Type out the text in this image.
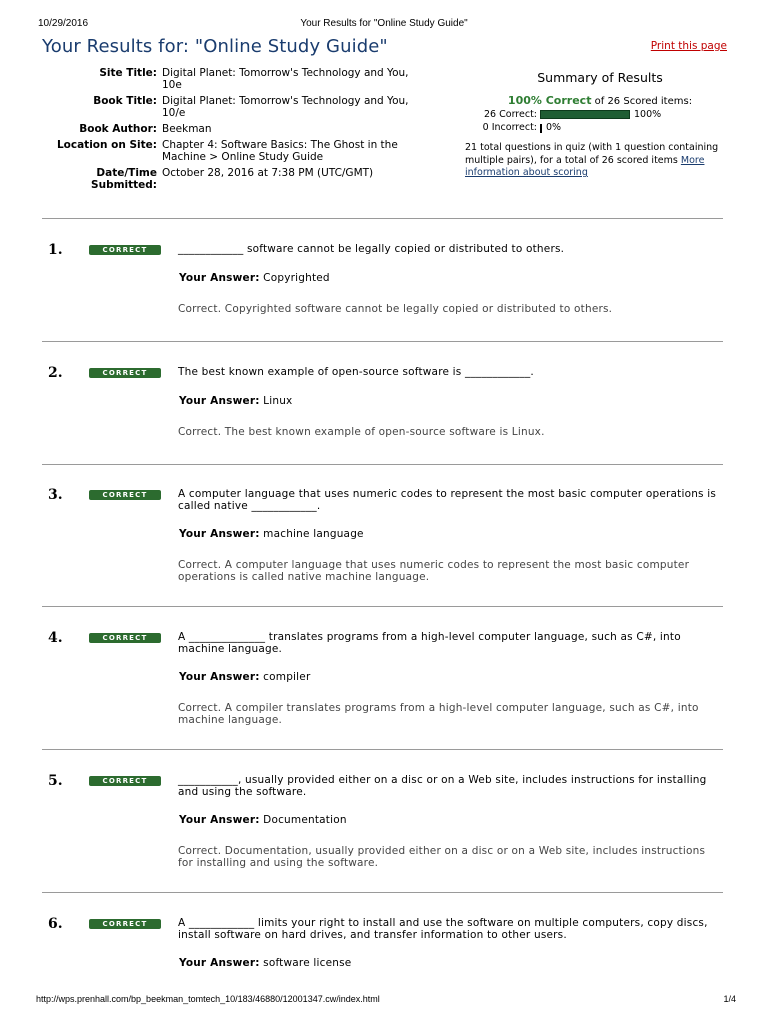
10/29/2016	Your Results for "Online Study Guide"
Your Results for: "Online Study Guide"	Print this page
Site Title: Digital Planet: Tomorrow's Technology and You,
10e
Book Title: Digital Planet: Tomorrow's Technology and You,
10/e
Book Author: Beekman
Location on Site: Chapter 4: Software Basics: The Ghost in the
Machine > Online Study Guide
Date/Time
Submitted:
October 28, 2016 at 7:38 PM (UTC/GMT)
Summary of Results
100% Correct of 26 Scored items:
26 Correct:	100%
0 Incorrect: 0%
21 total questions in quiz (with 1 question containing multiple pairs), for a total of 26 scored items More information about scoring
1.	CORRECT	____________ software cannot be legally copied or distributed to others.
Your Answer: Copyrighted
Correct. Copyrighted software cannot be legally copied or distributed to others.
2.	CORRECT	The best known example of open-source software is ____________.
Your Answer: Linux
Correct. The best known example of open-source software is Linux.
3.	CORRECT	A computer language that uses numeric codes to represent the most basic computer operations is called native ____________.
Your Answer: machine language
Correct. A computer language that uses numeric codes to represent the most basic computer operations is called native machine language.
4.	CORRECT	A ______________ translates programs from a high-level computer language, such as C#, into machine language.
Your Answer: compiler
Correct. A compiler translates programs from a high-level computer language, such as C#, into machine language.
5.	CORRECT	___________, usually provided either on a disc or on a Web site, includes instructions for installing and using the software.
Your Answer: Documentation
Correct. Documentation, usually provided either on a disc or on a Web site, includes instructions for installing and using the software.
6.	CORRECT	A ____________ limits your right to install and use the software on multiple computers, copy discs, install software on hard drives, and transfer information to other users.
Your Answer: software license
http://wps.prenhall.com/bp_beekman_tomtech_10/183/46880/12001347.cw/index.html	1/4
